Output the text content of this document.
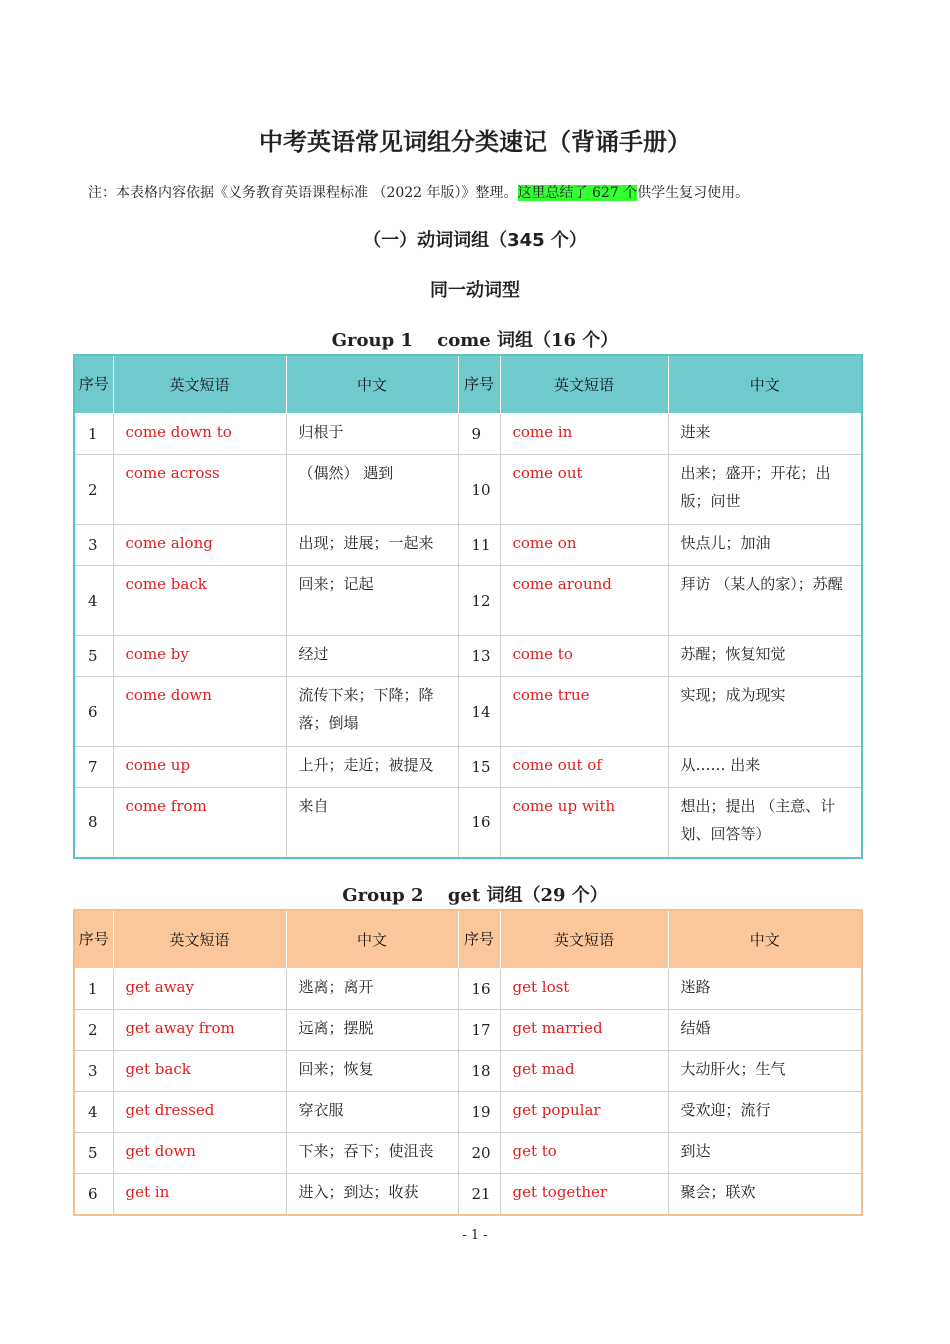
中考英语常见词组分类速记（背诵手册）
注：本表格内容依据《义务教育英语课程标准 （2022 年版）》整理。这里总结了 627 个供学生复习使用。
（一）动词词组（345 个）
同一动词型
Group 1　 come 词组（16 个）
序号	英文短语	中文	序号	英文短语	中文
1	come down to	归根于	9	come in	进来
2	come across	（偶然） 遇到	10	come out	出来；盛开；开花；出版；问世
3	come along	出现；进展；一起来	11	come on	快点儿；加油
4	come back	回来；记起	12	come around	拜访 （某人的家）；苏醒
5	come by	经过	13	come to	苏醒；恢复知觉
6	come down	流传下来；下降；降落；倒塌	14	come true	实现；成为现实
7	come up	上升；走近；被提及	15	come out of	从…… 出来
8	come from	来自	16	come up with	想出；提出 （主意、计划、回答等）
Group 2　 get 词组（29 个）
序号	英文短语	中文	序号	英文短语	中文
1	get away	逃离；离开	16	get lost	迷路
2	get away from	远离；摆脱	17	get married	结婚
3	get back	回来；恢复	18	get mad	大动肝火；生气
4	get dressed	穿衣服	19	get popular	受欢迎；流行
5	get down	下来；吞下；使沮丧	20	get to	到达
6	get in	进入；到达；收获	21	get together	聚会；联欢
- 1 -
